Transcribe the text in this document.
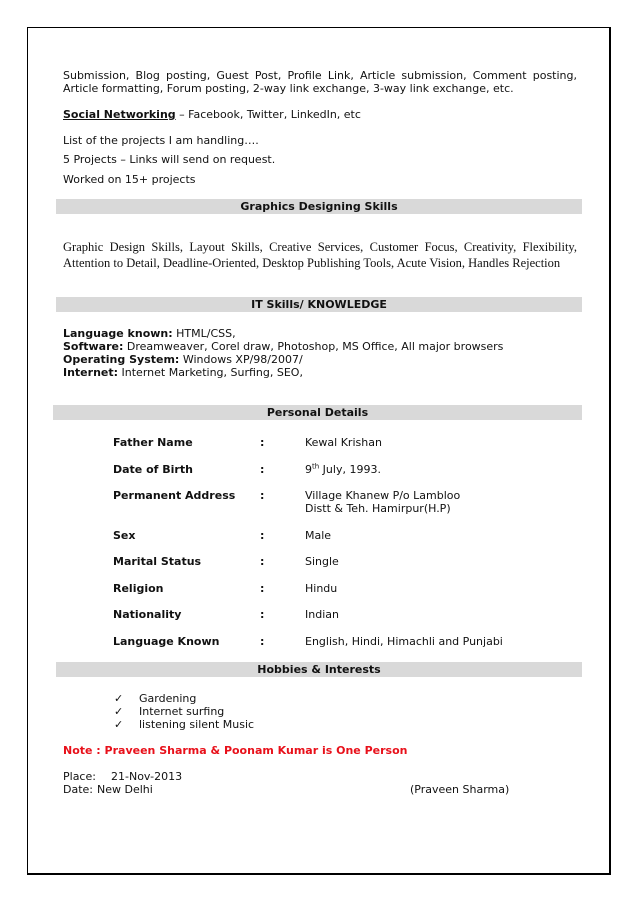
Submission, Blog posting, Guest Post, Profile Link, Article submission, Comment posting,
Article formatting, Forum posting, 2-way link exchange, 3-way link exchange, etc.
Social Networking – Facebook, Twitter, LinkedIn, etc
List of the projects I am handling….
5 Projects – Links will send on request.
Worked on 15+ projects
Graphics Designing Skills
Graphic Design Skills, Layout Skills, Creative Services, Customer Focus, Creativity, Flexibility,
Attention to Detail, Deadline-Oriented, Desktop Publishing Tools, Acute Vision, Handles Rejection
IT Skills/ KNOWLEDGE
Language known: HTML/CSS,
Software: Dreamweaver, Corel draw, Photoshop, MS Office, All major browsers
Operating System: Windows XP/98/2007/
Internet: Internet Marketing, Surfing, SEO,
Personal Details
Father Name	:	Kewal Krishan
Date of Birth	:	9th July, 1993.
Permanent Address :	Village Khanew P/o Lambloo
Distt & Teh. Hamirpur(H.P)
Sex	:	Male
Marital Status	:	Single
Religion	:	Hindu
Nationality	:	Indian
Language Known	:	English, Hindi, Himachli and Punjabi
Hobbies & Interests
✓ Gardening
✓ Internet surfing
✓ listening silent Music
Note : Praveen Sharma & Poonam Kumar is One Person
Place: 21-Nov-2013
Date: New Delhi	(Praveen Sharma)
